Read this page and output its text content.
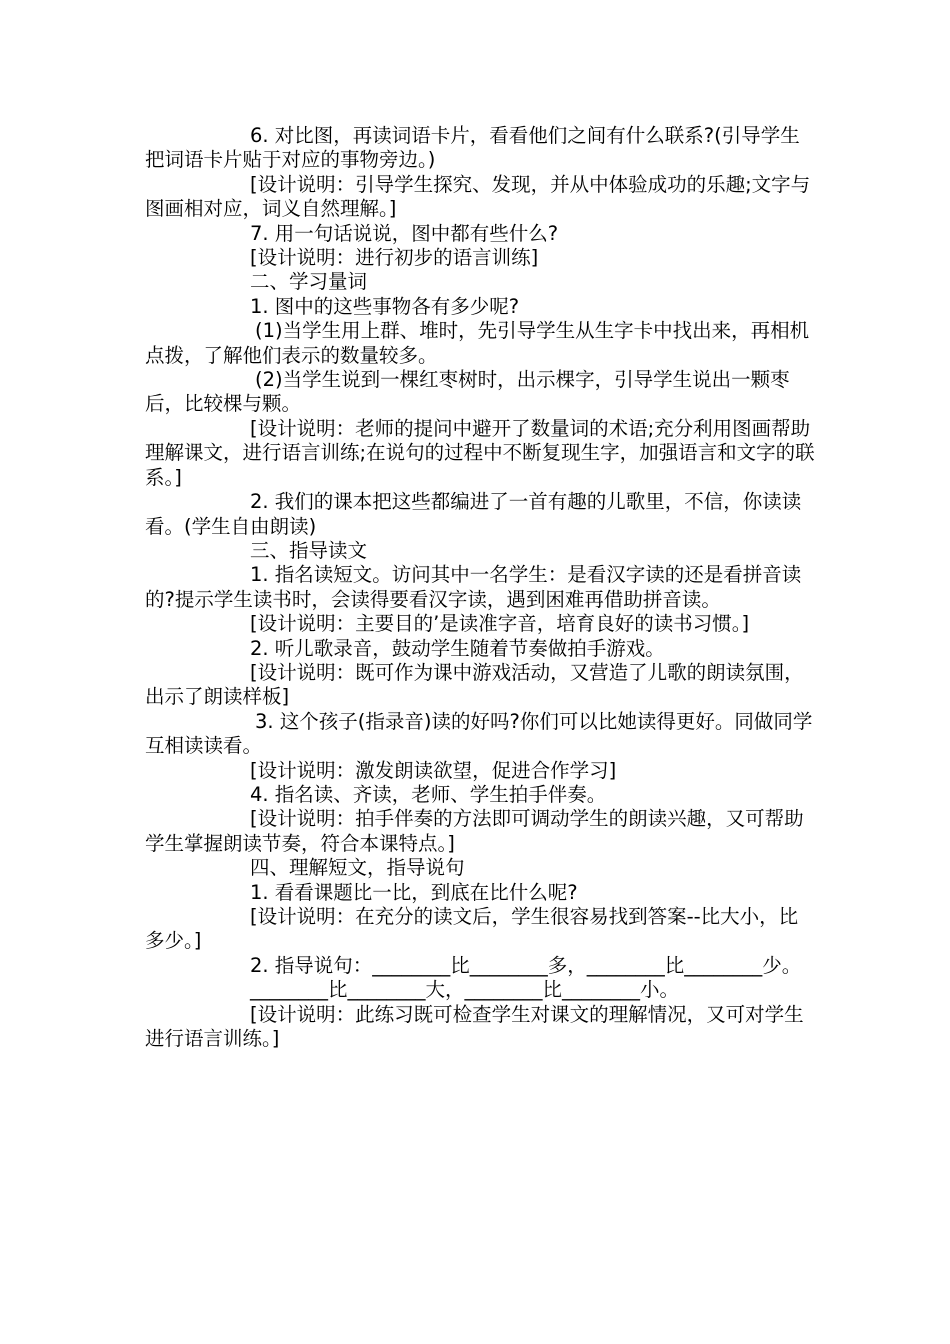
6. 对比图，再读词语卡片，看看他们之间有什么联系?(引导学生把词语卡片贴于对应的事物旁边。)

[设计说明：引导学生探究、发现，并从中体验成功的乐趣;文字与图画相对应，词义自然理解。]

7. 用一句话说说，图中都有些什么?

[设计说明：进行初步的语言训练]

二、学习量词

1. 图中的这些事物各有多少呢?

(1)当学生用上群、堆时，先引导学生从生字卡中找出来，再相机点拨，了解他们表示的数量较多。

(2)当学生说到一棵红枣树时，出示棵字，引导学生说出一颗枣后，比较棵与颗。

[设计说明：老师的提问中避开了数量词的术语;充分利用图画帮助理解课文，进行语言训练;在说句的过程中不断复现生字，加强语言和文字的联系。]

2. 我们的课本把这些都编进了一首有趣的儿歌里，不信，你读读看。(学生自由朗读)

三、指导读文

1. 指名读短文。访问其中一名学生：是看汉字读的还是看拼音读的?提示学生读书时，会读得要看汉字读，遇到困难再借助拼音读。

[设计说明：主要目的’是读准字音，培育良好的读书习惯。]

2. 听儿歌录音，鼓动学生随着节奏做拍手游戏。

[设计说明：既可作为课中游戏活动，又营造了儿歌的朗读氛围，出示了朗读样板]

3. 这个孩子(指录音)读的好吗?你们可以比她读得更好。同做同学互相读读看。

[设计说明：激发朗读欲望，促进合作学习]

4. 指名读、齐读，老师、学生拍手伴奏。

[设计说明：拍手伴奏的方法即可调动学生的朗读兴趣，又可帮助学生掌握朗读节奏，符合本课特点。]

四、理解短文，指导说句

1. 看看课题比一比，到底在比什么呢?

[设计说明：在充分的读文后，学生很容易找到答案--比大小，比多少。]

2. 指导说句：________比________多，________比________少。

________比________大，________比________小。

[设计说明：此练习既可检查学生对课文的理解情况，又可对学生进行语言训练。]
